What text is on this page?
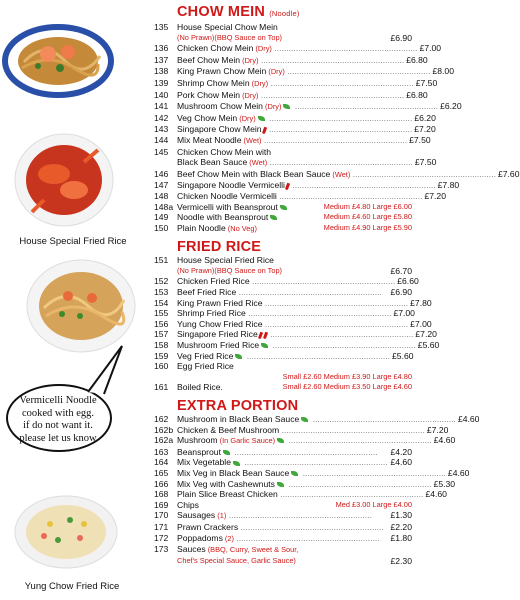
House Special Fried Rice
Vermicelli Noodle
cooked with egg.
if do not want it.
please let us know
Yung Chow Fried Rice
CHOW MEIN (Noodle)
135	House Special Chow Mein
(No Prawn)(BBQ Sauce on Top)	£6.90
136	Chicken Chow Mein (Dry) ............................................................ £7.00
137	Beef Chow Mein (Dry) ............................................................ £6.80
138	King Prawn Chow Mein (Dry) ............................................................ £8.00
139	Shrimp Chow Mein (Dry) ............................................................ £7.50
140	Pork Chow Mein (Dry) ............................................................ £6.80
141	Mushroom Chow Mein (Dry) ............................................................ £6.20
142	Veg Chow Mein (Dry) ............................................................ £6.20
143	Singapore Chow Mein ............................................................ £7.20
144	Mix Meat Noodle (Wet) ............................................................ £7.50
145	Chicken Chow Mein with
Black Bean Sauce (Wet) ............................................................ £7.50
146	Beef Chow Mein with Black Bean Sauce (Wet) ............................................................ £7.60
147	Singapore Noodle Vermicelli ............................................................ £7.80
148	Chicken Noodle Vermicelli ............................................................ £7.20
148a Vermicelli with Beansprout	Medium £4.80 Large £6.00
149	Noodle with Beansprout	Medium £4.60 Large £5.80
150	Plain Noodle (No Veg)	Medium £4.90 Large £5.90
FRIED RICE
151	House Special Fried Rice
(No Prawn)(BBQ Sauce on Top)	£6.70
152	Chicken Fried Rice ............................................................ £6.60
153	Beef Fried Rice ............................................................ £6.90
154	King Prawn Fried Rice ............................................................ £7.80
155	Shrimp Fried Rice ............................................................ £7.00
156	Yung Chow Fried Rice ............................................................ £7.00
157	Singapore Fried Rice ............................................................ £7.20
158	Mushroom Fried Rice ............................................................ £5.60
159	Veg Fried Rice ............................................................ £5.60
160	Egg Fried Rice
Small £2.60 Medium £3.90 Large £4.80
161	Boiled Rice.	Small £2.60 Medium £3.50 Large £4.60
EXTRA PORTION
162	Mushroom in Black Bean Sauce ............................................................ £4.60
162b Chicken & Beef Mushroom ............................................................ £7.20
162a Mushroom (In Garlic Sauce) ............................................................ £4.60
163	Beansprout ............................................................	£4.20
164	Mix Vegetable ............................................................ £4.60
165	Mix Veg in Black Bean Sauce ............................................................ £4.60
166	Mix Veg with Cashewnuts ............................................................ £5.30
168	Plain Slice Breast Chicken ............................................................ £4.60
169	Chips	Med £3.00 Large £4.00
170	Sausages (1) ............................................................	£1.30
171	Prawn Crackers ............................................................ £2.20
172	Poppadoms (2) ............................................................	£1.80
173	Sauces (BBQ, Curry, Sweet & Sour,
Chef's Special Sauce, Garlic Sauce)	£2.30
